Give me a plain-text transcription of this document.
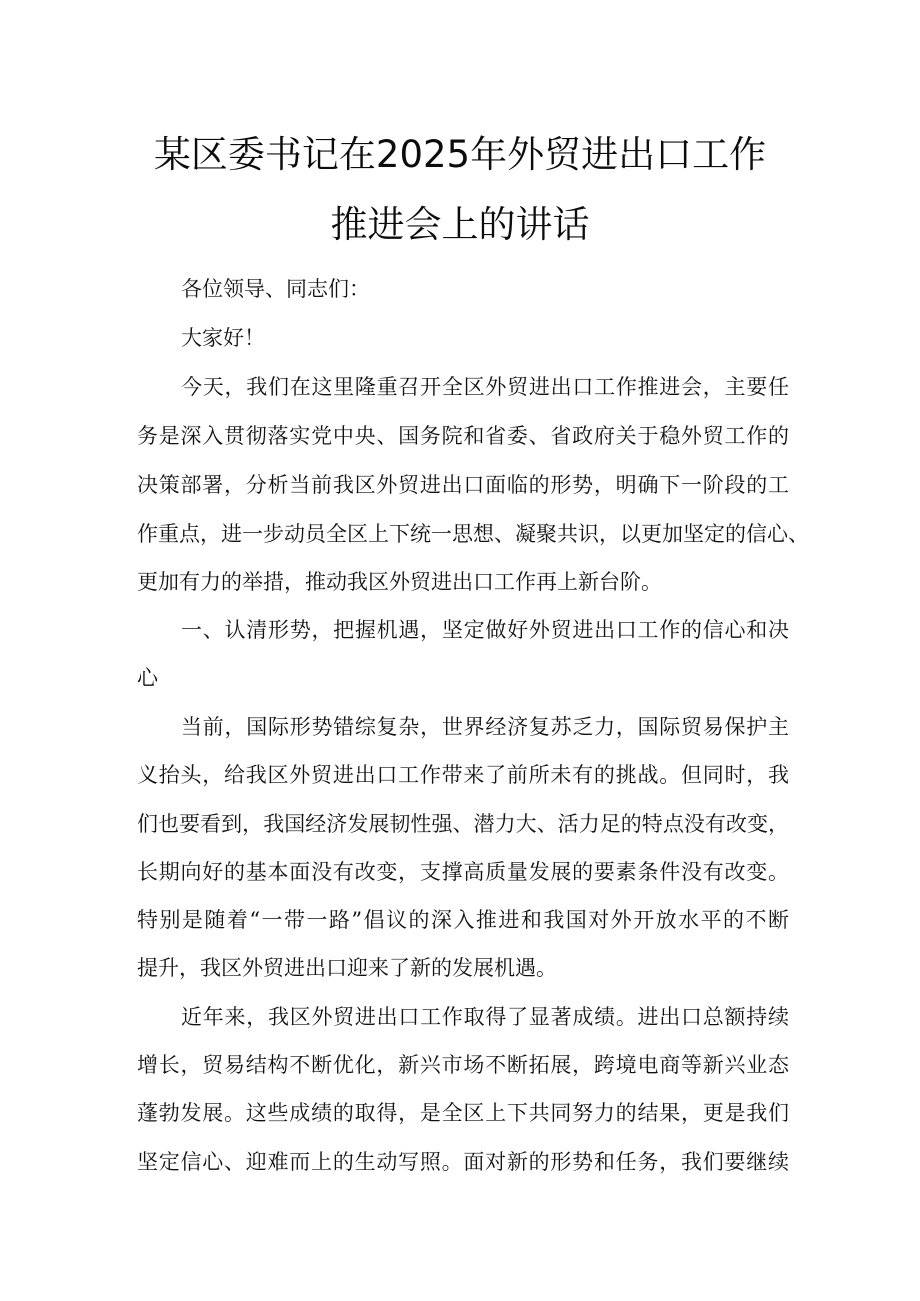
某区委书记在2025年外贸进出口工作
推进会上的讲话
各位领导、同志们：
大家好！
今天，我们在这里隆重召开全区外贸进出口工作推进会，主要任
务是深入贯彻落实党中央、国务院和省委、省政府关于稳外贸工作的
决策部署，分析当前我区外贸进出口面临的形势，明确下一阶段的工
作重点，进一步动员全区上下统一思想、凝聚共识，以更加坚定的信心、
更加有力的举措，推动我区外贸进出口工作再上新台阶。
一、认清形势，把握机遇，坚定做好外贸进出口工作的信心和决
心
当前，国际形势错综复杂，世界经济复苏乏力，国际贸易保护主
义抬头，给我区外贸进出口工作带来了前所未有的挑战。但同时，我
们也要看到，我国经济发展韧性强、潜力大、活力足的特点没有改变，
长期向好的基本面没有改变，支撑高质量发展的要素条件没有改变。
特别是随着“一带一路”倡议的深入推进和我国对外开放水平的不断
提升，我区外贸进出口迎来了新的发展机遇。
近年来，我区外贸进出口工作取得了显著成绩。进出口总额持续
增长，贸易结构不断优化，新兴市场不断拓展，跨境电商等新兴业态
蓬勃发展。这些成绩的取得，是全区上下共同努力的结果，更是我们
坚定信心、迎难而上的生动写照。面对新的形势和任务，我们要继续
